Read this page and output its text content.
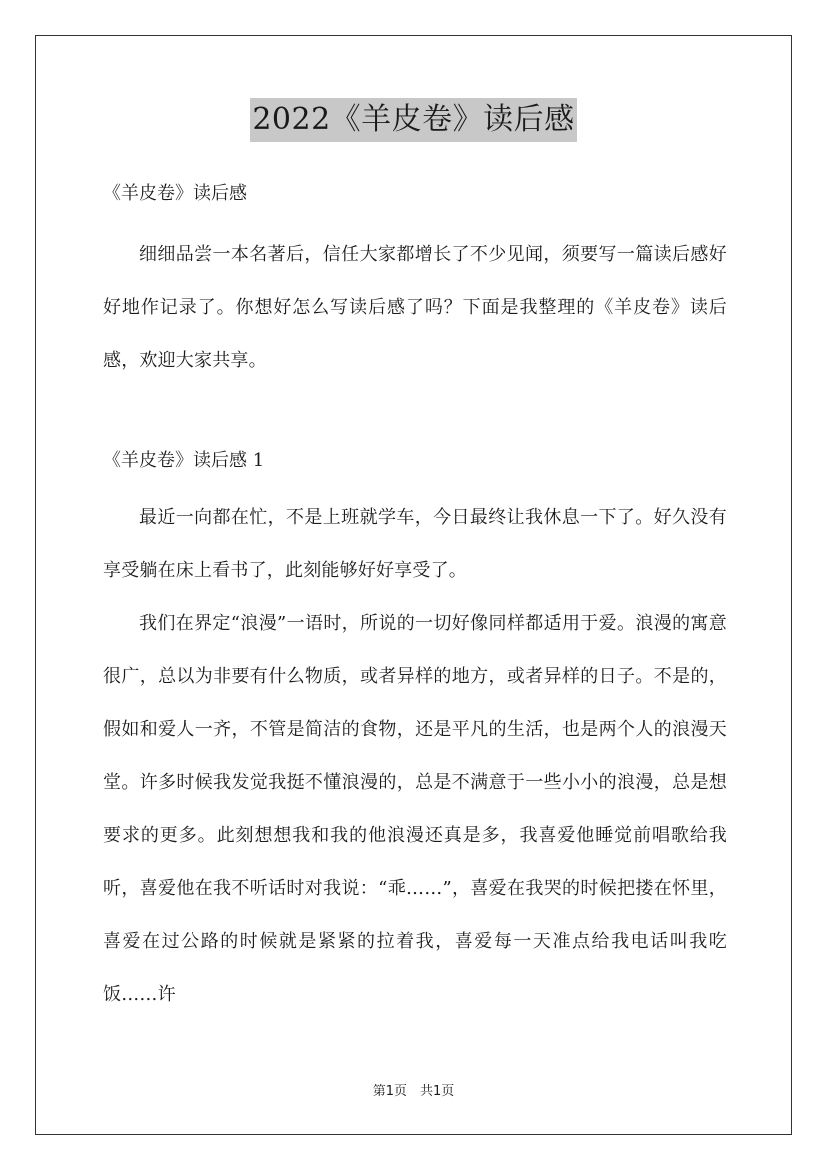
2022《羊皮卷》读后感

《羊皮卷》读后感

细细品尝一本名著后，信任大家都增长了不少见闻，须要写一篇读后感好好地作记录了。你想好怎么写读后感了吗？下面是我整理的《羊皮卷》读后感，欢迎大家共享。

《羊皮卷》读后感 1

最近一向都在忙，不是上班就学车，今日最终让我休息一下了。好久没有享受躺在床上看书了，此刻能够好好享受了。

我们在界定“浪漫”一语时，所说的一切好像同样都适用于爱。浪漫的寓意很广，总以为非要有什么物质，或者异样的地方，或者异样的日子。不是的，假如和爱人一齐，不管是简洁的食物，还是平凡的生活，也是两个人的浪漫天堂。许多时候我发觉我挺不懂浪漫的，总是不满意于一些小小的浪漫，总是想要求的更多。此刻想想我和我的他浪漫还真是多，我喜爱他睡觉前唱歌给我听，喜爱他在我不听话时对我说：“乖……”，喜爱在我哭的时候把搂在怀里，喜爱在过公路的时候就是紧紧的拉着我，喜爱每一天准点给我电话叫我吃饭……许

第1页　共1页
